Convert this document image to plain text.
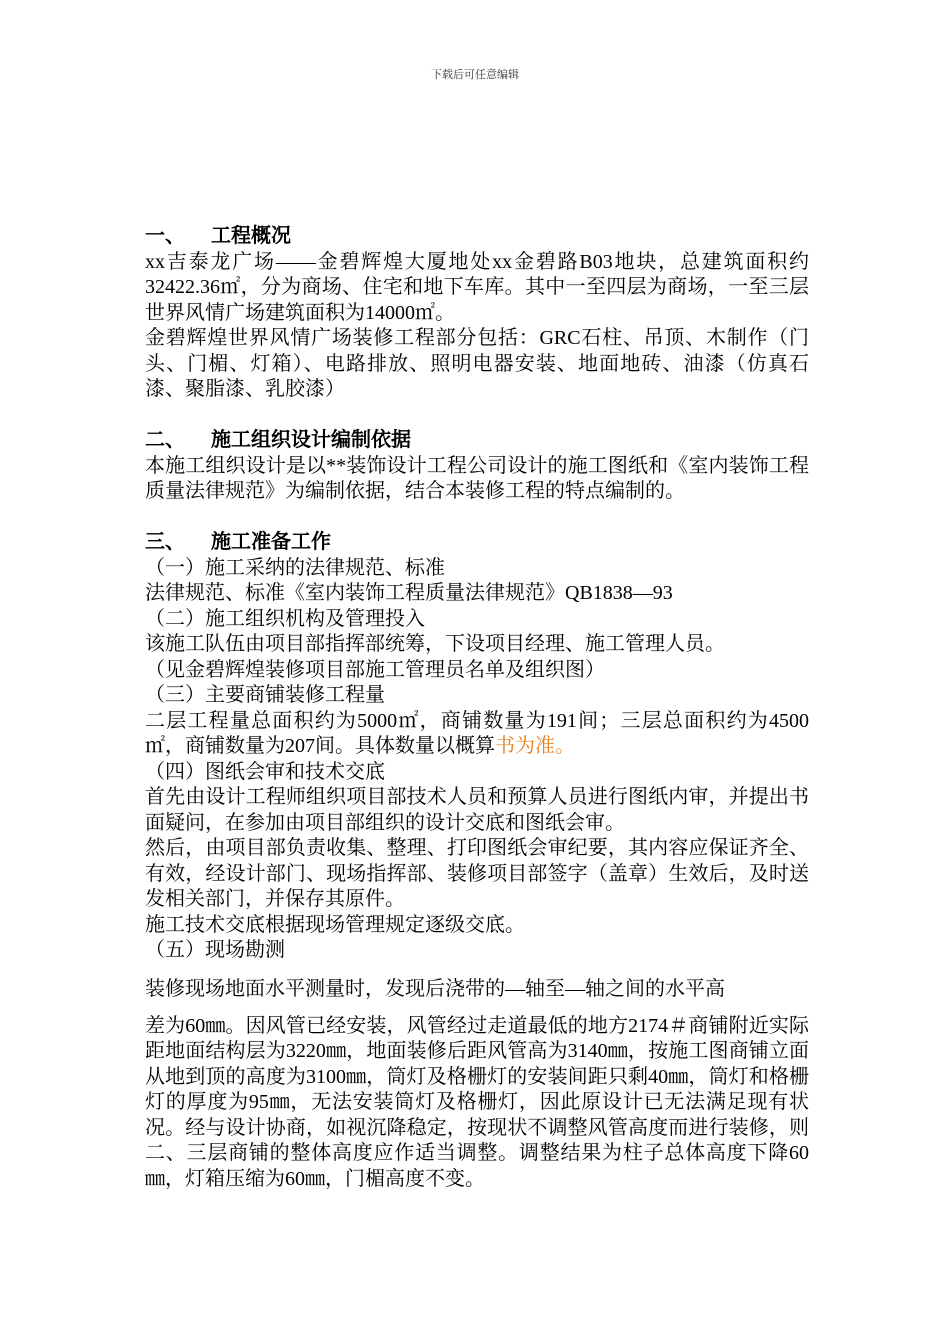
下载后可任意编辑

一、 工程概况

xx吉泰龙广场——金碧辉煌大厦地处xx金碧路B03地块，总建筑面积约32422.36㎡，分为商场、住宅和地下车库。其中一至四层为商场，一至三层世界风情广场建筑面积为14000㎡。

金碧辉煌世界风情广场装修工程部分包括：GRC石柱、吊顶、木制作（门头、门楣、灯箱）、电路排放、照明电器安装、地面地砖、油漆（仿真石漆、聚脂漆、乳胶漆）

二、 施工组织设计编制依据

本施工组织设计是以**装饰设计工程公司设计的施工图纸和《室内装饰工程质量法律规范》为编制依据，结合本装修工程的特点编制的。

三、 施工准备工作

（一）施工采纳的法律规范、标准

法律规范、标准《室内装饰工程质量法律规范》QB1838—93

（二）施工组织机构及管理投入

该施工队伍由项目部指挥部统筹，下设项目经理、施工管理人员。

（见金碧辉煌装修项目部施工管理员名单及组织图）

（三）主要商铺装修工程量

二层工程量总面积约为5000㎡，商铺数量为191间；三层总面积约为4500㎡，商铺数量为207间。具体数量以概算书为准。

（四）图纸会审和技术交底

首先由设计工程师组织项目部技术人员和预算人员进行图纸内审，并提出书面疑问，在参加由项目部组织的设计交底和图纸会审。

然后，由项目部负责收集、整理、打印图纸会审纪要，其内容应保证齐全、有效，经设计部门、现场指挥部、装修项目部签字（盖章）生效后，及时送发相关部门，并保存其原件。

施工技术交底根据现场管理规定逐级交底。

（五）现场勘测

装修现场地面水平测量时，发现后浇带的—轴至—轴之间的水平高

差为60㎜。因风管已经安装，风管经过走道最低的地方2174＃商铺附近实际距地面结构层为3220㎜，地面装修后距风管高为3140㎜，按施工图商铺立面从地到顶的高度为3100㎜，筒灯及格栅灯的安装间距只剩40㎜，筒灯和格栅灯的厚度为95㎜，无法安装筒灯及格栅灯，因此原设计已无法满足现有状况。经与设计协商，如视沉降稳定，按现状不调整风管高度而进行装修，则二、三层商铺的整体高度应作适当调整。调整结果为柱子总体高度下降60㎜，灯箱压缩为60㎜，门楣高度不变。
